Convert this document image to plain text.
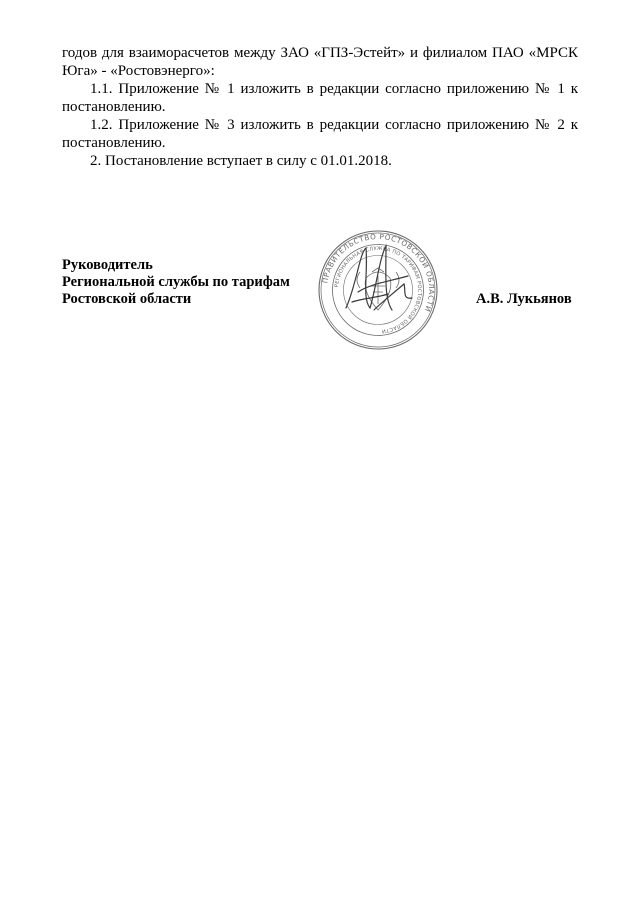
годов для взаиморасчетов между ЗАО «ГПЗ-Эстейт» и филиалом ПАО «МРСК Юга» - «Ростовэнерго»:

1.1. Приложение № 1 изложить в редакции согласно приложению № 1 к постановлению.

1.2. Приложение № 3 изложить в редакции согласно приложению № 2 к постановлению.

2. Постановление вступает в силу с 01.01.2018.

Руководитель
Региональной службы по тарифам
Ростовской области	А.В. Лукьянов
ПРАВИТЕЛЬСТВО РОСТОВСКОЙ ОБЛАСТИ
РЕГИОНАЛЬНАЯ СЛУЖБА ПО ТАРИФАМ РОСТОВСКОЙ ОБЛАСТИ
